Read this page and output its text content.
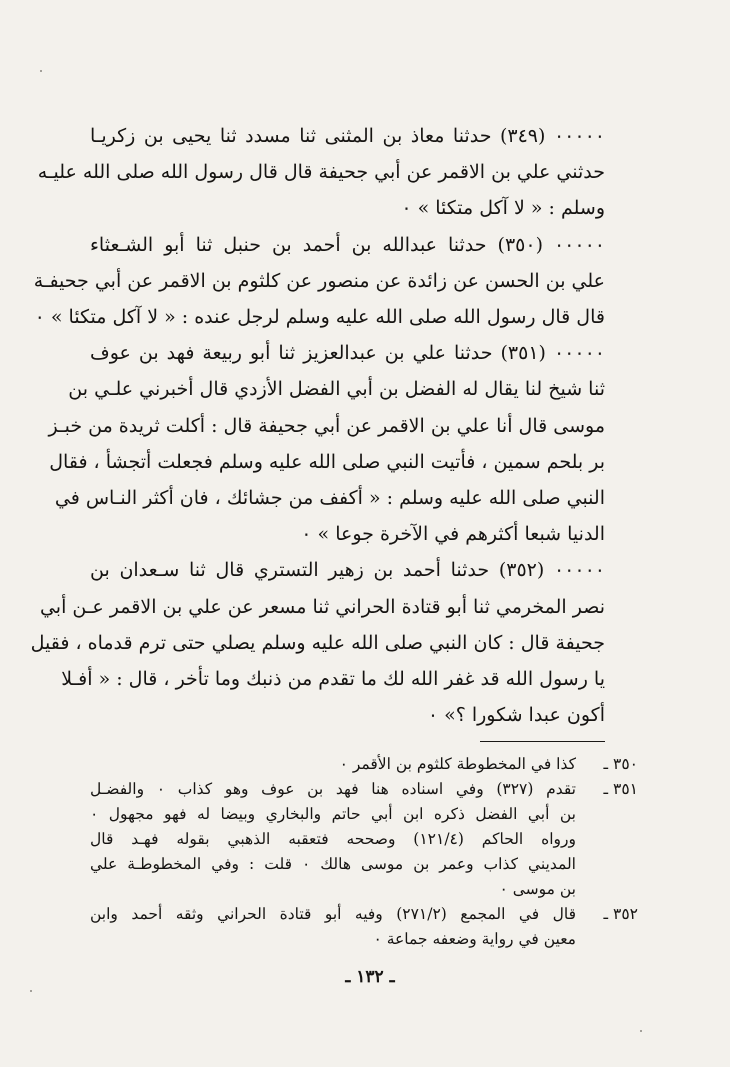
٠٠٠٠٠ (٣٤٩) حدثنا معاذ بن المثنى ثنا مسدد ثنا يحيى بن زكريـا
حدثني علي بن الاقمر عن أبي جحيفة قال قال رسول الله صلى الله عليـه
وسلم : « لا آكل متكئا » ٠

٠٠٠٠٠ (٣٥٠) حدثنا عبدالله بن أحمد بن حنبل ثنا أبو الشـعثاء
علي بن الحسن عن زائدة عن منصور عن كلثوم بن الاقمر عن أبي جحيفـة
قال قال رسول الله صلى الله عليه وسلم لرجل عنده : « لا آكل متكئا » ٠

٠٠٠٠٠ (٣٥١) حدثنا علي بن عبدالعزيز ثنا أبو ربيعة فهد بن عوف
ثنا شيخ لنا يقال له الفضل بن أبي الفضل الأزدي قال أخبرني علـي بن
موسى قال أنا علي بن الاقمر عن أبي جحيفة قال : أكلت ثريدة من خبـز
بر بلحم سمين ، فأتيت النبي صلى الله عليه وسلم فجعلت أتجشأ ، فقال
النبي صلى الله عليه وسلم : « أكفف من جشائك ، فان أكثر النـاس في
الدنيا شبعا أكثرهم في الآخرة جوعا » ٠

٠٠٠٠٠ (٣٥٢) حدثنا أحمد بن زهير التستري قال ثنا سـعدان بن
نصر المخرمي ثنا أبو قتادة الحراني ثنا مسعر عن علي بن الاقمر عـن أبي
جحيفة قال : كان النبي صلى الله عليه وسلم يصلي حتى ترم قدماه ، فقيل
يا رسول الله قد غفر الله لك ما تقدم من ذنبك وما تأخر ، قال : « أفـلا
أكون عبدا شكورا ؟» ٠

٣٥٠ ـ
كذا في المخطوطة كلثوم بن الأقمر ٠
٣٥١ ـ
تقدم (٣٢٧) وفي اسناده هنا فهد بن عوف وهو كذاب ٠ والفضـل
بن أبي الفضل ذكره ابن أبي حاتم والبخاري وبيضا له فهو مجهول ٠
ورواه الحاكم (١٢١/٤) وصححه فتعقبه الذهبي بقوله فهـد قال
المديني كذاب وعمر بن موسى هالك ٠ قلت : وفي المخطوطـة علي
بن موسى ٠
٣٥٢ ـ
قال في المجمع (٢٧١/٢) وفيه أبو قتادة الحراني وثقه أحمد وابن
معين في رواية وضعفه جماعة ٠
ـ ١٣٢ ـ
